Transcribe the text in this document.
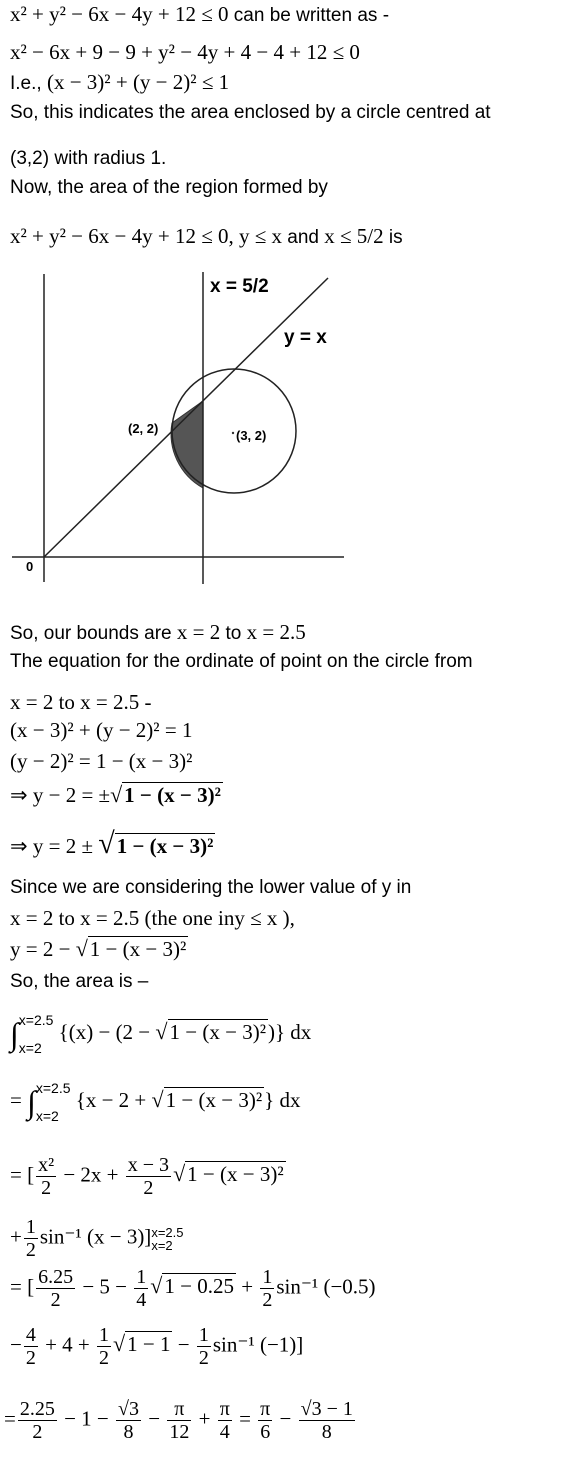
x² + y² − 6x − 4y + 12 ≤ 0 can be written as -
x² − 6x + 9 − 9 + y² − 4y + 4 − 4 + 12 ≤ 0
I.e., (x − 3)² + (y − 2)² ≤ 1
So, this indicates the area enclosed by a circle centred at
(3,2) with radius 1.
Now, the area of the region formed by
x² + y² − 6x − 4y + 12 ≤ 0, y ≤ x and x ≤ 5/2 is
x = 5/2
y = x
(2, 2)	(3, 2)
0
So, our bounds are x = 2 to x = 2.5
The equation for the ordinate of point on the circle from
x = 2 to x = 2.5 -
(x − 3)² + (y − 2)² = 1
(y − 2)² = 1 − (x − 3)²
⇒ y − 2 = ±√1 − (x − 3)²
⇒ y = 2 ± √1 − (x − 3)²
Since we are considering the lower value of y in
x = 2 to x = 2.5 (the one iny ≤ x ),
y = 2 − √1 − (x − 3)²
So, the area is –
∫ x=2.5
x=2
{(x) − (2 − √1 − (x − 3)²)} dx
= ∫ x=2.5
x=2
{x − 2 + √1 − (x − 3)²} dx
= [ $\frac{\text{x²}}{2} - 2x + \frac{x - 3}{2} √1 - (x - 3)^2$
+ $\frac{1}{2} \sin^{-1}$ (x − 3)] x=2.5
x=2
= [ $\frac{6.25}{2} - 5 - \frac{1}{4} √1 - 0.25 + \frac{1}{2} \sin^{-1}$ (−0.5)
− $\frac{4}{2} + 4 + \frac{1}{2} √1 - 1 - \frac{1}{2} \sin^{-1}$ (−1)]
= $\frac{2.25}{2} - 1 - \frac{√3}{8} - \frac{\pi}{12} + \frac{\pi}{4} = \frac{\pi}{6} - \frac{√3 - 1}{8}$
